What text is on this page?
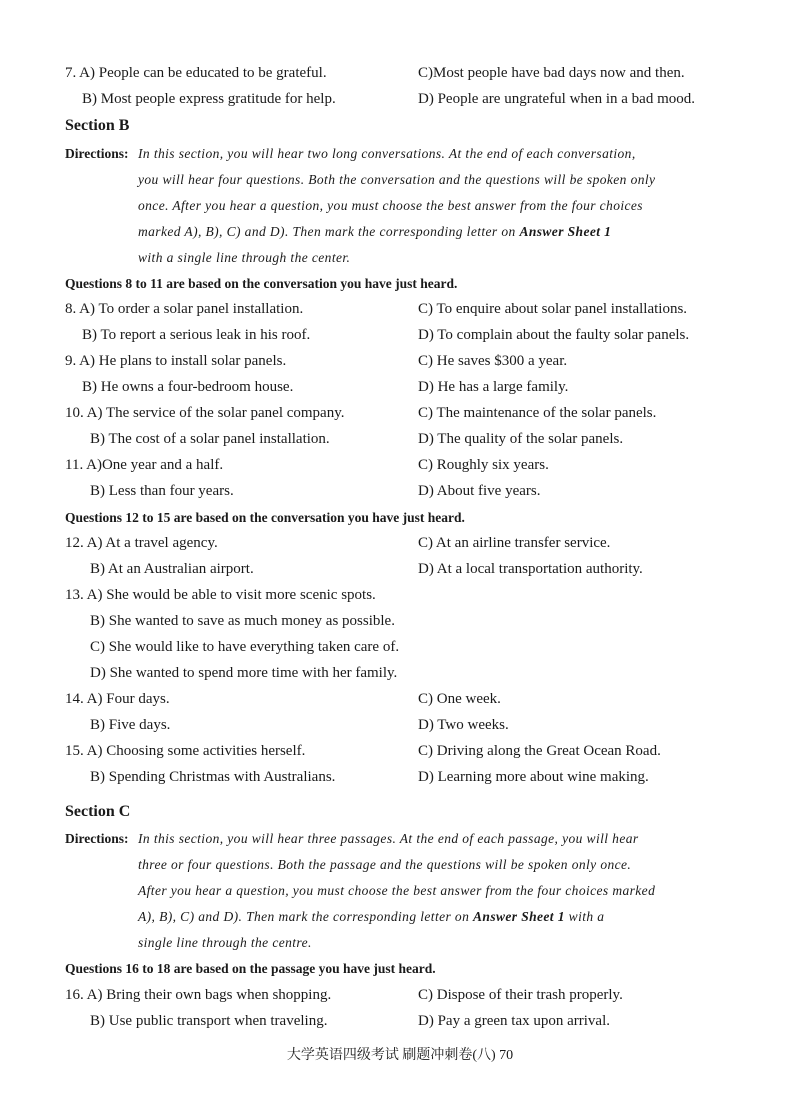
7. A) People can be educated to be grateful.	C)Most people have bad days now and then.
B) Most people express gratitude for help.	D) People are ungrateful when in a bad mood.
Section B
Directions: In this section, you will hear two long conversations. At the end of each conversation,
you will hear four questions. Both the conversation and the questions will be spoken only
once. After you hear a question, you must choose the best answer from the four choices
marked A), B), C) and D). Then mark the corresponding letter on Answer Sheet 1
with a single line through the center.
Questions 8 to 11 are based on the conversation you have just heard.
8. A) To order a solar panel installation.	C) To enquire about solar panel installations.
B) To report a serious leak in his roof.	D) To complain about the faulty solar panels.
9. A) He plans to install solar panels.	C) He saves $300 a year.
B) He owns a four-bedroom house.	D) He has a large family.
10. A) The service of the solar panel company.	C) The maintenance of the solar panels.
B) The cost of a solar panel installation.	D) The quality of the solar panels.
11. A)One year and a half.	C) Roughly six years.
B) Less than four years.	D) About five years.
Questions 12 to 15 are based on the conversation you have just heard.
12. A) At a travel agency.	C) At an airline transfer service.
B) At an Australian airport.	D) At a local transportation authority.
13. A) She would be able to visit more scenic spots.
B) She wanted to save as much money as possible.
C) She would like to have everything taken care of.
D) She wanted to spend more time with her family.
14. A) Four days.	C) One week.
B) Five days.	D) Two weeks.
15. A) Choosing some activities herself.	C) Driving along the Great Ocean Road.
B) Spending Christmas with Australians.	D) Learning more about wine making.
Section C
Directions: In this section, you will hear three passages. At the end of each passage, you will hear
three or four questions. Both the passage and the questions will be spoken only once.
After you hear a question, you must choose the best answer from the four choices marked
A), B), C) and D). Then mark the corresponding letter on Answer Sheet 1 with a
single line through the centre.
Questions 16 to 18 are based on the passage you have just heard.
16. A) Bring their own bags when shopping.	C) Dispose of their trash properly.
B) Use public transport when traveling.	D) Pay a green tax upon arrival.
大学英语四级考试 刷题冲刺卷(八) 70
